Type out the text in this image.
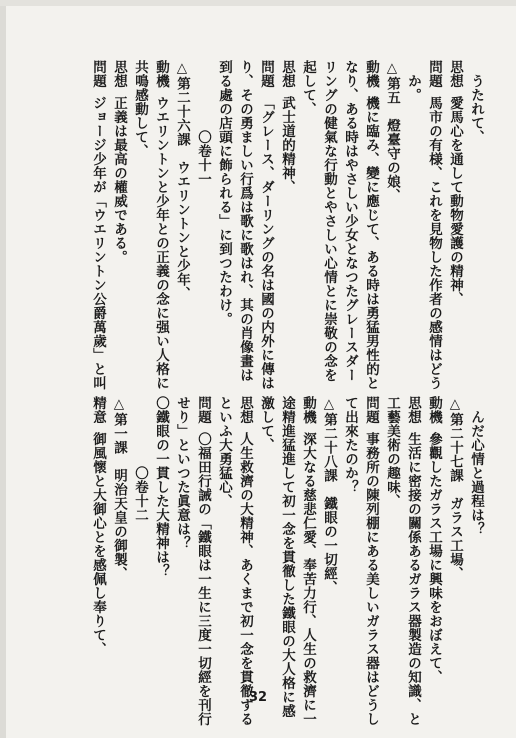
うたれて、
思想愛馬心を通して動物愛護の精神、
問題馬市の有様、これを見物した作者の感情はどう
か。
△第五　燈臺守の娘、
動機機に臨み、變に應じて、ある時は勇猛男性的と
なり、ある時はやさしい少女となつたグレースダー
リングの健氣な行動とやさしい心情とに崇敬の念を
起して、
思想武士道的精神、
問題「グレース、ダーリングの名は國の内外に傳は
り、その勇ましい行爲は歌に歌はれ、其の肖像畫は
到る處の店頭に飾られる」に到つたわけ。
〇卷十一
△第二十六課　ウエリントンと少年、
動機ウエリントンと少年との正義の念に强い人格に
共鳴感動して、
思想正義は最高の權威である。
問題ジョージ少年が「ウエリントン公爵萬歲」と叫
んだ心情と過程は？
△第二十七課　ガラス工場、
動機參觀したガラス工場に興味をおぼえて、
思想生活に密接の關係あるガラス器製造の知識、と
工藝美術の趣味、
問題事務所の陳列棚にある美しいガラス器はどうし
て出來たのか？
△第二十八課　鐵眼の一切經、
動機深大なる慈悲仁愛、奉苦力行、人生の救濟に一
途精進猛進して初一念を貫徹した鐵眼の大人格に感
激して、
思想人生救濟の大精神、あくまで初一念を貫徹する
といふ大勇猛心、
問題〇福田行誡の「鐵眼は一生に三度一切經を刊行
せり」といつた眞意は？
〇鐵眼の一貫した大精神は？
〇卷十二
△第一課　明治天皇の御製、
精意御風懷と大御心とを感佩し奉りて、
32
